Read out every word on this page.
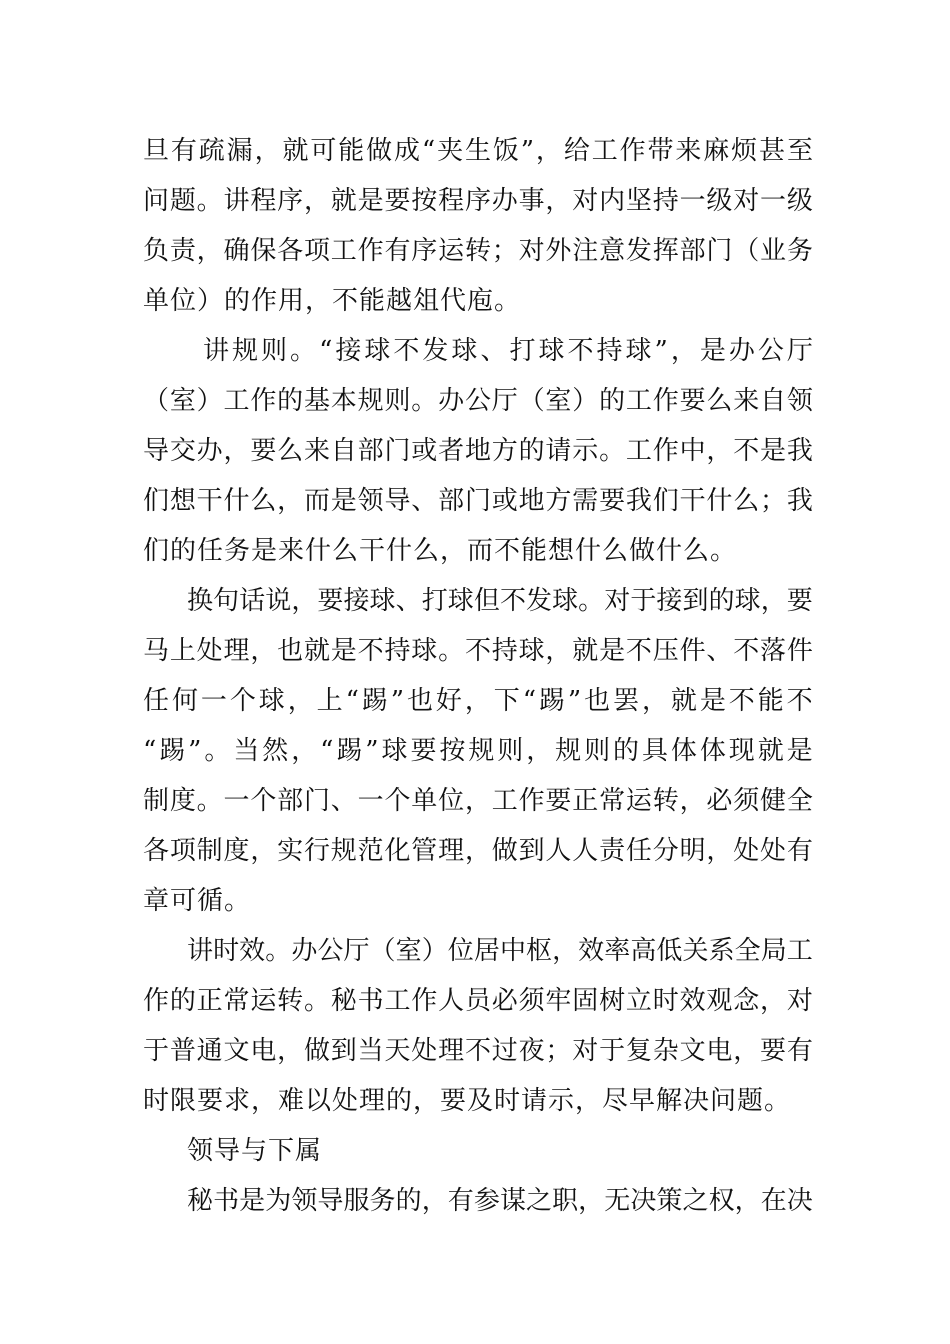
旦 有 疏 漏 ， 就 可 能 做 成 “ 夹 生 饭 ” ， 给 工 作 带 来 麻 烦 甚 至
问 题 。 讲 程 序 ， 就 是 要 按 程 序 办 事 ， 对 内 坚 持 一 级 对 一 级
负 责 ， 确 保 各 项 工 作 有 序 运 转 ； 对 外 注 意 发 挥 部 门 （ 业 务
单位）的作用，不能越俎代庖。
讲 规 则 。 “ 接 球 不 发 球 、 打 球 不 持 球 ” ， 是 办 公 厅
（ 室 ） 工 作 的 基 本 规 则 。 办 公 厅 （ 室 ） 的 工 作 要 么 来 自 领
导 交 办 ， 要 么 来 自 部 门 或 者 地 方 的 请 示 。 工 作 中 ， 不 是 我
们 想 干 什 么 ， 而 是 领 导 、 部 门 或 地 方 需 要 我 们 干 什 么 ； 我
们的任务是来什么干什么，而不能想什么做什么。
换 句 话 说 ， 要 接 球 、 打 球 但 不 发 球 。 对 于 接 到 的 球 ， 要
马 上 处 理 ， 也 就 是 不 持 球 。 不 持 球 ， 就 是 不 压 件 、 不 落 件
任 何 一 个 球 ， 上 “ 踢 ” 也 好 ， 下 “ 踢 ” 也 罢 ， 就 是 不 能 不
“ 踢 ” 。 当 然 ， “ 踢 ” 球 要 按 规 则 ， 规 则 的 具 体 体 现 就 是
制 度 。 一 个 部 门 、 一 个 单 位 ， 工 作 要 正 常 运 转 ， 必 须 健 全
各 项 制 度 ， 实 行 规 范 化 管 理 ， 做 到 人 人 责 任 分 明 ， 处 处 有
章可循。
讲 时 效 。 办 公 厅 （ 室 ） 位 居 中 枢 ， 效 率 高 低 关 系 全 局 工
作 的 正 常 运 转 。 秘 书 工 作 人 员 必 须 牢 固 树 立 时 效 观 念 ， 对
于 普 通 文 电 ， 做 到 当 天 处 理 不 过 夜 ； 对 于 复 杂 文 电 ， 要 有
时限要求，难以处理的，要及时请示，尽早解决问题。
领导与下属
秘 书 是 为 领 导 服 务 的 ， 有 参 谋 之 职 ， 无 决 策 之 权 ， 在 决
